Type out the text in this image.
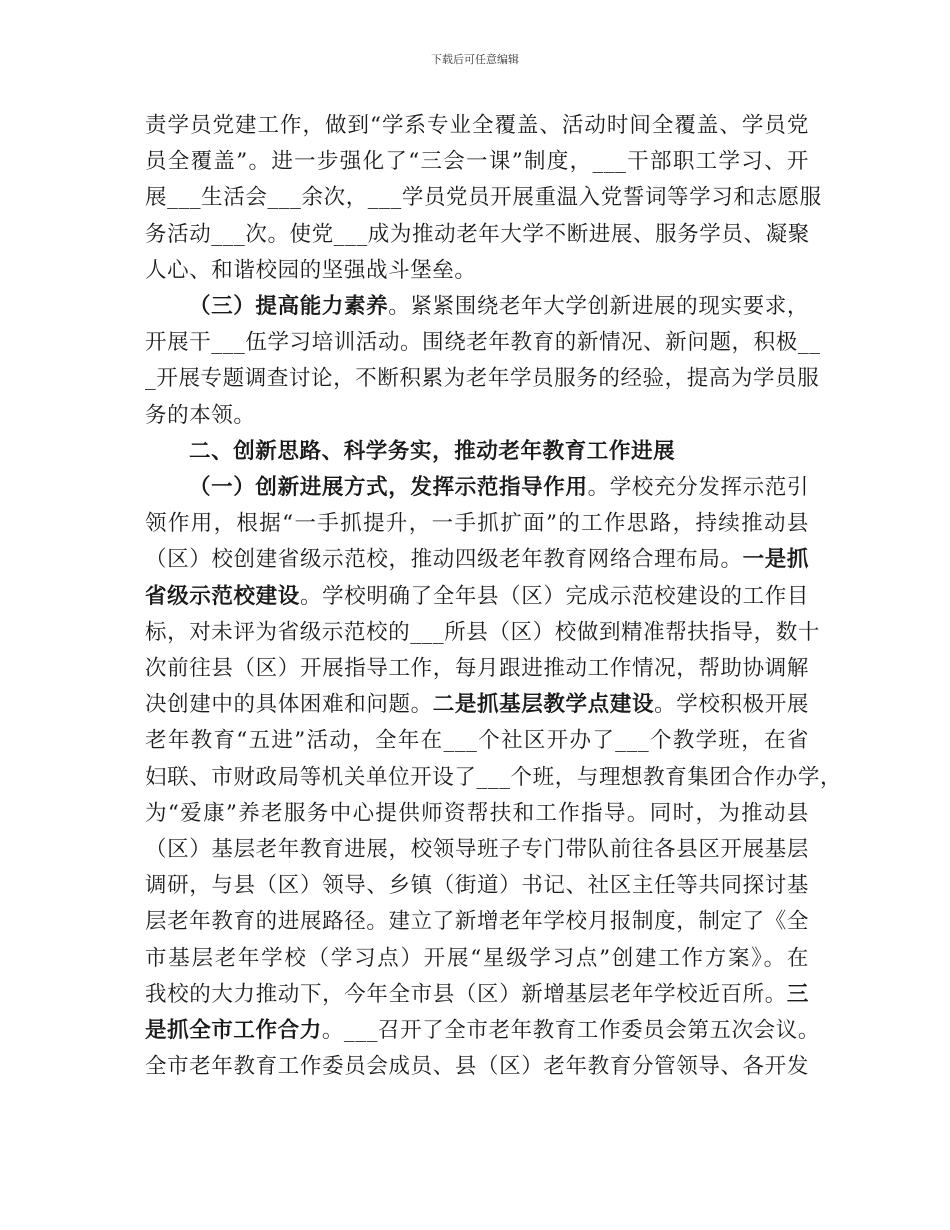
下载后可任意编辑
责学员党建工作，做到“学系专业全覆盖、活动时间全覆盖、学员党
员全覆盖”。进一步强化了“三会一课”制度，___干部职工学习、开
展___生活会___余次，___学员党员开展重温入党誓词等学习和志愿服
务活动___次。使党___成为推动老年大学不断进展、服务学员、凝聚
人心、和谐校园的坚强战斗堡垒。
（三）提高能力素养。紧紧围绕老年大学创新进展的现实要求，
开展干___伍学习培训活动。围绕老年教育的新情况、新问题，积极__
_开展专题调查讨论，不断积累为老年学员服务的经验，提高为学员服
务的本领。
二、创新思路、科学务实，推动老年教育工作进展
（一）创新进展方式，发挥示范指导作用。学校充分发挥示范引
领作用，根据“一手抓提升，一手抓扩面”的工作思路，持续推动县
（区）校创建省级示范校，推动四级老年教育网络合理布局。一是抓
省级示范校建设。学校明确了全年县（区）完成示范校建设的工作目
标，对未评为省级示范校的___所县（区）校做到精准帮扶指导，数十
次前往县（区）开展指导工作，每月跟进推动工作情况，帮助协调解
决创建中的具体困难和问题。二是抓基层教学点建设。学校积极开展
老年教育“五进”活动，全年在___个社区开办了___个教学班，在省
妇联、市财政局等机关单位开设了___个班，与理想教育集团合作办学，
为“爱康”养老服务中心提供师资帮扶和工作指导。同时，为推动县
（区）基层老年教育进展，校领导班子专门带队前往各县区开展基层
调研，与县（区）领导、乡镇（街道）书记、社区主任等共同探讨基
层老年教育的进展路径。建立了新增老年学校月报制度，制定了《全
市基层老年学校（学习点）开展“星级学习点”创建工作方案》。在
我校的大力推动下，今年全市县（区）新增基层老年学校近百所。三
是抓全市工作合力。___召开了全市老年教育工作委员会第五次会议。
全市老年教育工作委员会成员、县（区）老年教育分管领导、各开发
